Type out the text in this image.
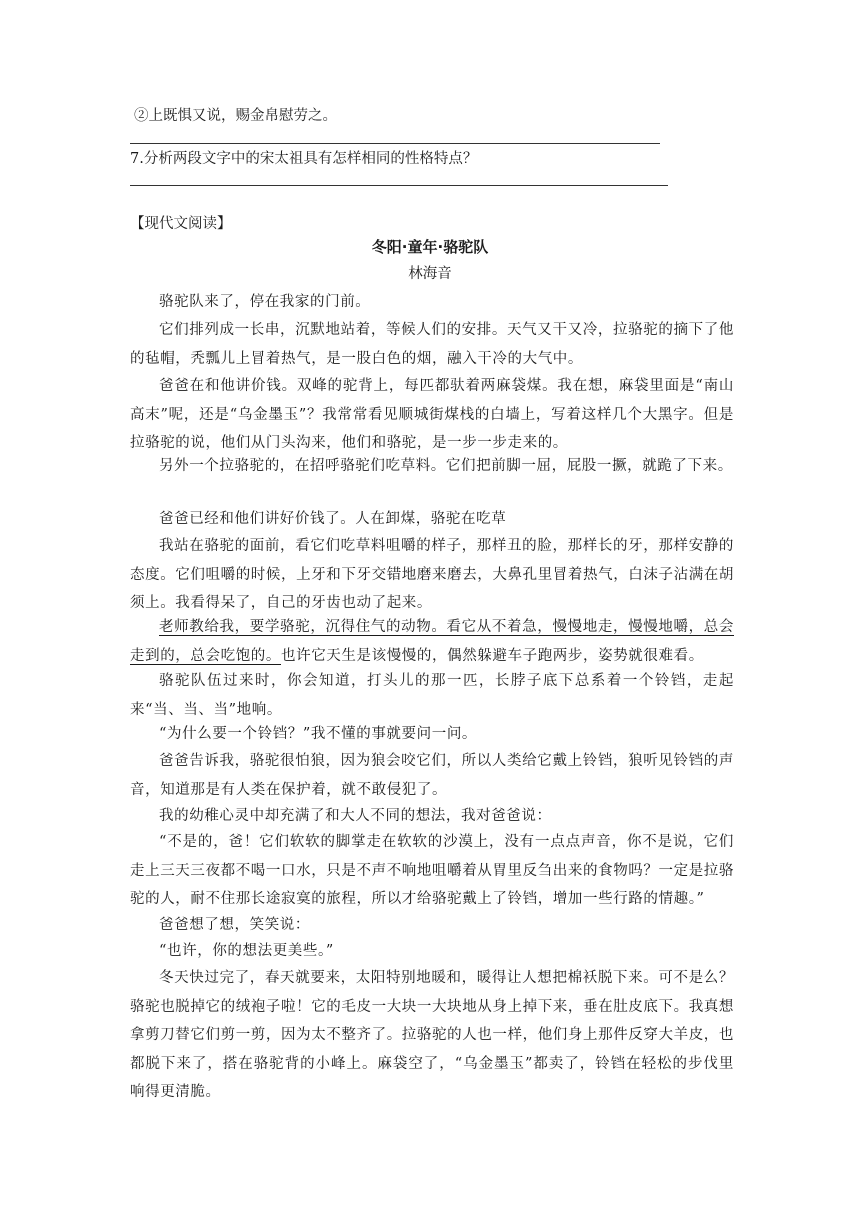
②上既惧又说，赐金帛慰劳之。
7.分析两段文字中的宋太祖具有怎样相同的性格特点？
【现代文阅读】
冬阳·童年·骆驼队
林海音
骆驼队来了，停在我家的门前。
它们排列成一长串，沉默地站着，等候人们的安排。天气又干又冷，拉骆驼的摘下了他的毡帽，秃瓢儿上冒着热气，是一股白色的烟，融入干冷的大气中。
爸爸在和他讲价钱。双峰的驼背上，每匹都驮着两麻袋煤。我在想，麻袋里面是“南山高末”呢，还是“乌金墨玉”？我常常看见顺城街煤栈的白墙上，写着这样几个大黑字。但是拉骆驼的说，他们从门头沟来，他们和骆驼，是一步一步走来的。
另外一个拉骆驼的，在招呼骆驼们吃草料。它们把前脚一屈，屁股一撅，就跪了下来。
爸爸已经和他们讲好价钱了。人在卸煤，骆驼在吃草
我站在骆驼的面前，看它们吃草料咀嚼的样子，那样丑的脸，那样长的牙，那样安静的态度。它们咀嚼的时候，上牙和下牙交错地磨来磨去，大鼻孔里冒着热气，白沫子沾满在胡须上。我看得呆了，自己的牙齿也动了起来。
老师教给我，要学骆驼，沉得住气的动物。看它从不着急，慢慢地走，慢慢地嚼，总会走到的，总会吃饱的。也许它天生是该慢慢的，偶然躲避车子跑两步，姿势就很难看。
骆驼队伍过来时，你会知道，打头儿的那一匹，长脖子底下总系着一个铃铛，走起来“当、当、当”地响。
“为什么要一个铃铛？”我不懂的事就要问一问。
爸爸告诉我，骆驼很怕狼，因为狼会咬它们，所以人类给它戴上铃铛，狼听见铃铛的声音，知道那是有人类在保护着，就不敢侵犯了。
我的幼稚心灵中却充满了和大人不同的想法，我对爸爸说：
“不是的，爸！它们软软的脚掌走在软软的沙漠上，没有一点点声音，你不是说，它们走上三天三夜都不喝一口水，只是不声不响地咀嚼着从胃里反刍出来的食物吗？一定是拉骆驼的人，耐不住那长途寂寞的旅程，所以才给骆驼戴上了铃铛，增加一些行路的情趣。”
爸爸想了想，笑笑说：
“也许，你的想法更美些。”
冬天快过完了，春天就要来，太阳特别地暖和，暖得让人想把棉袄脱下来。可不是么？骆驼也脱掉它的绒袍子啦！它的毛皮一大块一大块地从身上掉下来，垂在肚皮底下。我真想拿剪刀替它们剪一剪，因为太不整齐了。拉骆驼的人也一样，他们身上那件反穿大羊皮，也都脱下来了，搭在骆驼背的小峰上。麻袋空了，“乌金墨玉”都卖了，铃铛在轻松的步伐里响得更清脆。
